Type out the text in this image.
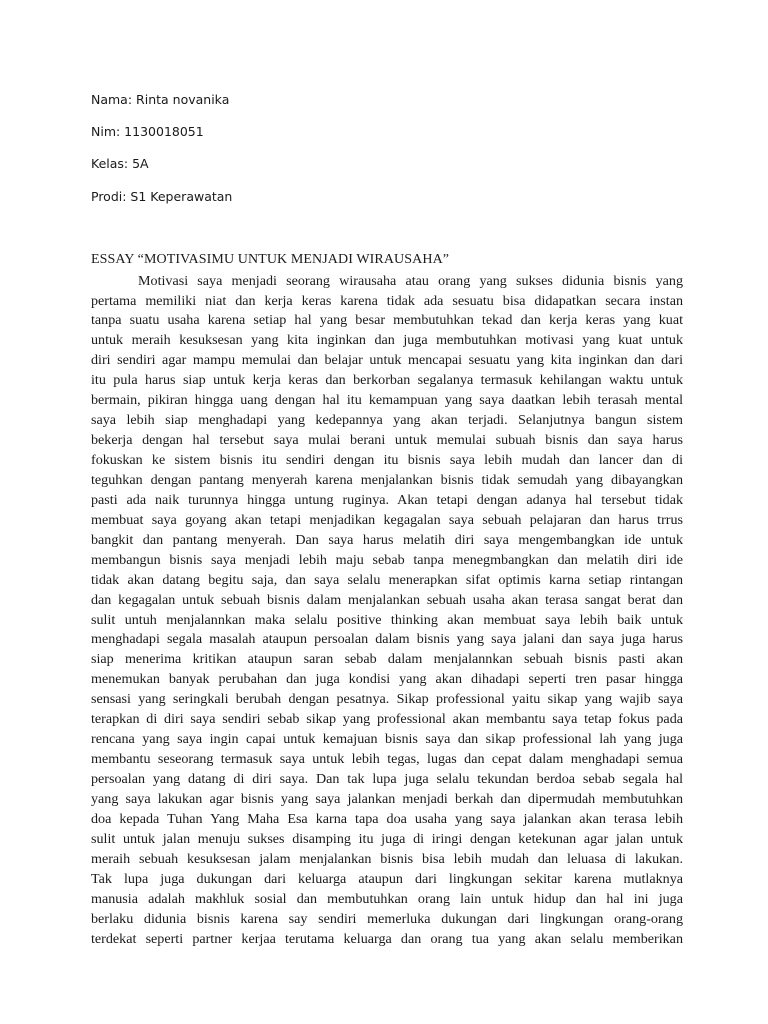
Nama: Rinta novanika

Nim: 1130018051

Kelas: 5A

Prodi: S1 Keperawatan

ESSAY “MOTIVASIMU UNTUK MENJADI WIRAUSAHA”

Motivasi saya menjadi seorang wirausaha atau orang yang sukses didunia bisnis yang
pertama memiliki niat dan kerja keras karena tidak ada sesuatu bisa didapatkan secara instan
tanpa suatu usaha karena setiap hal yang besar membutuhkan tekad dan kerja keras yang kuat
untuk meraih kesuksesan yang kita inginkan dan juga membutuhkan motivasi yang kuat untuk
diri sendiri agar mampu memulai dan belajar untuk mencapai sesuatu yang kita inginkan dan dari
itu pula harus siap untuk kerja keras dan berkorban segalanya termasuk kehilangan waktu untuk
bermain, pikiran hingga uang dengan hal itu kemampuan yang saya daatkan lebih terasah mental
saya lebih siap menghadapi yang kedepannya yang akan terjadi. Selanjutnya bangun sistem
bekerja dengan hal tersebut saya mulai berani untuk memulai subuah bisnis dan saya harus
fokuskan ke sistem bisnis itu sendiri dengan itu bisnis saya lebih mudah dan lancer dan di
teguhkan dengan pantang menyerah karena menjalankan bisnis tidak semudah yang dibayangkan
pasti ada naik turunnya hingga untung ruginya. Akan tetapi dengan adanya hal tersebut tidak
membuat saya goyang akan tetapi menjadikan kegagalan saya sebuah pelajaran dan harus trrus
bangkit dan pantang menyerah. Dan saya harus melatih diri saya mengembangkan ide untuk
membangun bisnis saya menjadi lebih maju sebab tanpa menegmbangkan dan melatih diri ide
tidak akan datang begitu saja, dan saya selalu menerapkan sifat optimis karna setiap rintangan
dan kegagalan untuk sebuah bisnis dalam menjalankan sebuah usaha akan terasa sangat berat dan
sulit untuh menjalannkan maka selalu positive thinking akan membuat saya lebih baik untuk
menghadapi segala masalah ataupun persoalan dalam bisnis yang saya jalani dan saya juga harus
siap menerima kritikan ataupun saran sebab dalam menjalannkan sebuah bisnis pasti akan
menemukan banyak perubahan dan juga kondisi yang akan dihadapi seperti tren pasar hingga
sensasi yang seringkali berubah dengan pesatnya. Sikap professional yaitu sikap yang wajib saya
terapkan di diri saya sendiri sebab sikap yang professional akan membantu saya tetap fokus pada
rencana yang saya ingin capai untuk kemajuan bisnis saya dan sikap professional lah yang juga
membantu seseorang termasuk saya untuk lebih tegas, lugas dan cepat dalam menghadapi semua
persoalan yang datang di diri saya. Dan tak lupa juga selalu tekundan berdoa sebab segala hal
yang saya lakukan agar bisnis yang saya jalankan menjadi berkah dan dipermudah membutuhkan
doa kepada Tuhan Yang Maha Esa karna tapa doa usaha yang saya jalankan akan terasa lebih
sulit untuk jalan menuju sukses disamping itu juga di iringi dengan ketekunan agar jalan untuk
meraih sebuah kesuksesan jalam menjalankan bisnis bisa lebih mudah dan leluasa di lakukan.
Tak lupa juga dukungan dari keluarga ataupun dari lingkungan sekitar karena mutlaknya
manusia adalah makhluk sosial dan membutuhkan orang lain untuk hidup dan hal ini juga
berlaku didunia bisnis karena say sendiri memerluka dukungan dari lingkungan orang-orang
terdekat seperti partner kerjaa terutama keluarga dan orang tua yang akan selalu memberikan
